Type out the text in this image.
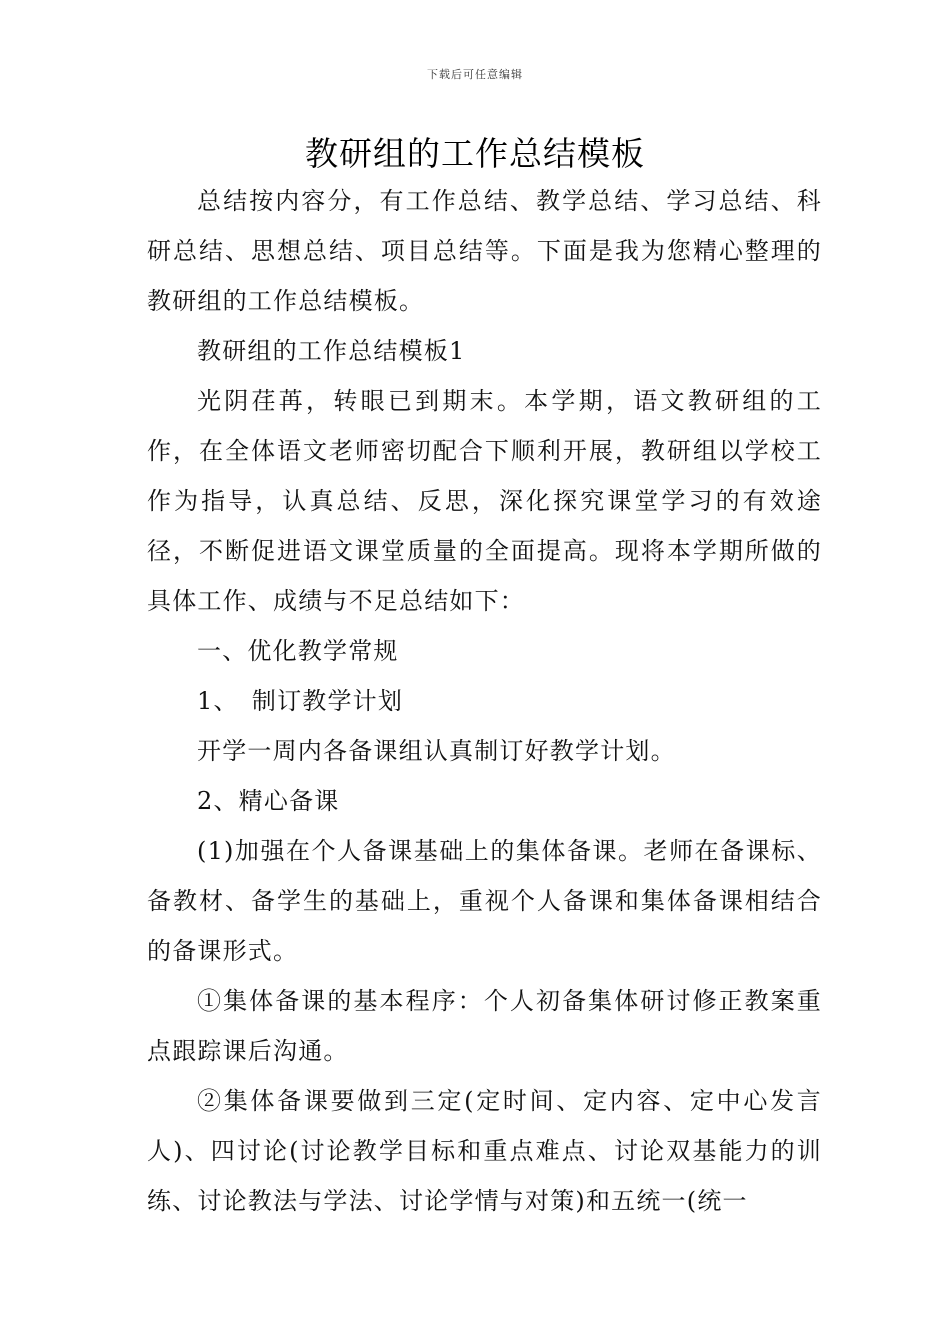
下载后可任意编辑
教研组的工作总结模板

总结按内容分，有工作总结、教学总结、学习总结、科研总结、思想总结、项目总结等。下面是我为您精心整理的教研组的工作总结模板。

教研组的工作总结模板1

光阴荏苒，转眼已到期末。本学期，语文教研组的工作，在全体语文老师密切配合下顺利开展，教研组以学校工作为指导，认真总结、反思，深化探究课堂学习的有效途径，不断促进语文课堂质量的全面提高。现将本学期所做的具体工作、成绩与不足总结如下：

一、优化教学常规

1、　制订教学计划

开学一周内各备课组认真制订好教学计划。

2、精心备课

(1)加强在个人备课基础上的集体备课。老师在备课标、备教材、备学生的基础上，重视个人备课和集体备课相结合的备课形式。

①集体备课的基本程序：个人初备集体研讨修正教案重点跟踪课后沟通。

②集体备课要做到三定(定时间、定内容、定中心发言人)、四讨论(讨论教学目标和重点难点、讨论双基能力的训练、讨论教法与学法、讨论学情与对策)和五统一(统一
